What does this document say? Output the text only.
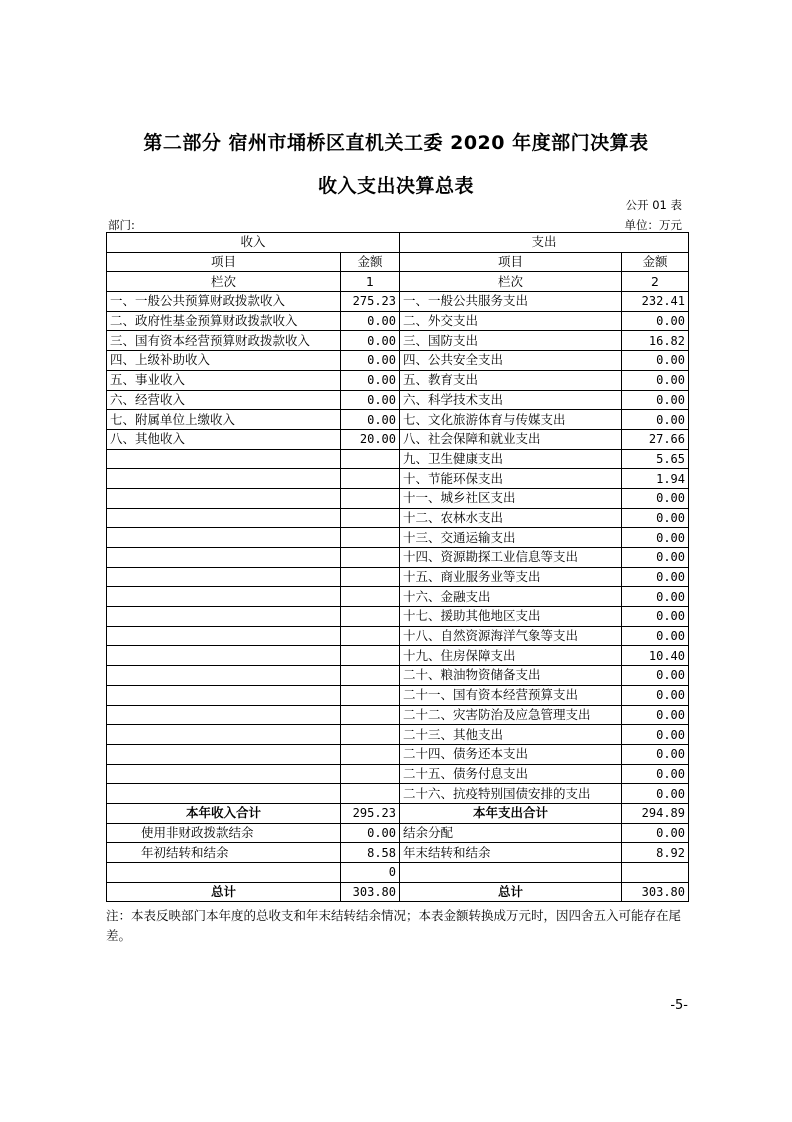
第二部分 宿州市埇桥区直机关工委 2020 年度部门决算表
收入支出决算总表
公开 01 表
部门:	单位：万元
收入		支出	
项目	金额	项目	金额
栏次	1	栏次	2
一、一般公共预算财政拨款收入	275.23	一、一般公共服务支出	232.41
二、政府性基金预算财政拨款收入	0.00	二、外交支出	0.00
三、国有资本经营预算财政拨款收入	0.00	三、国防支出	16.82
四、上级补助收入	0.00	四、公共安全支出	0.00
五、事业收入	0.00	五、教育支出	0.00
六、经营收入	0.00	六、科学技术支出	0.00
七、附属单位上缴收入	0.00	七、文化旅游体育与传媒支出	0.00
八、其他收入	20.00	八、社会保障和就业支出	27.66
		九、卫生健康支出	5.65
		十、节能环保支出	1.94
		十一、城乡社区支出	0.00
		十二、农林水支出	0.00
		十三、交通运输支出	0.00
		十四、资源勘探工业信息等支出	0.00
		十五、商业服务业等支出	0.00
		十六、金融支出	0.00
		十七、援助其他地区支出	0.00
		十八、自然资源海洋气象等支出	0.00
		十九、住房保障支出	10.40
		二十、粮油物资储备支出	0.00
		二十一、国有资本经营预算支出	0.00
		二十二、灾害防治及应急管理支出	0.00
		二十三、其他支出	0.00
		二十四、债务还本支出	0.00
		二十五、债务付息支出	0.00
		二十六、抗疫特别国债安排的支出	0.00
本年收入合计	295.23	本年支出合计	294.89
使用非财政拨款结余	0.00	结余分配	0.00
年初结转和结余	8.58	年末结转和结余	8.92
	0		
总计	303.80	总计	303.80
注：本表反映部门本年度的总收支和年末结转结余情况；本表金额转换成万元时，因四舍五入可能存在尾差。
-5-
